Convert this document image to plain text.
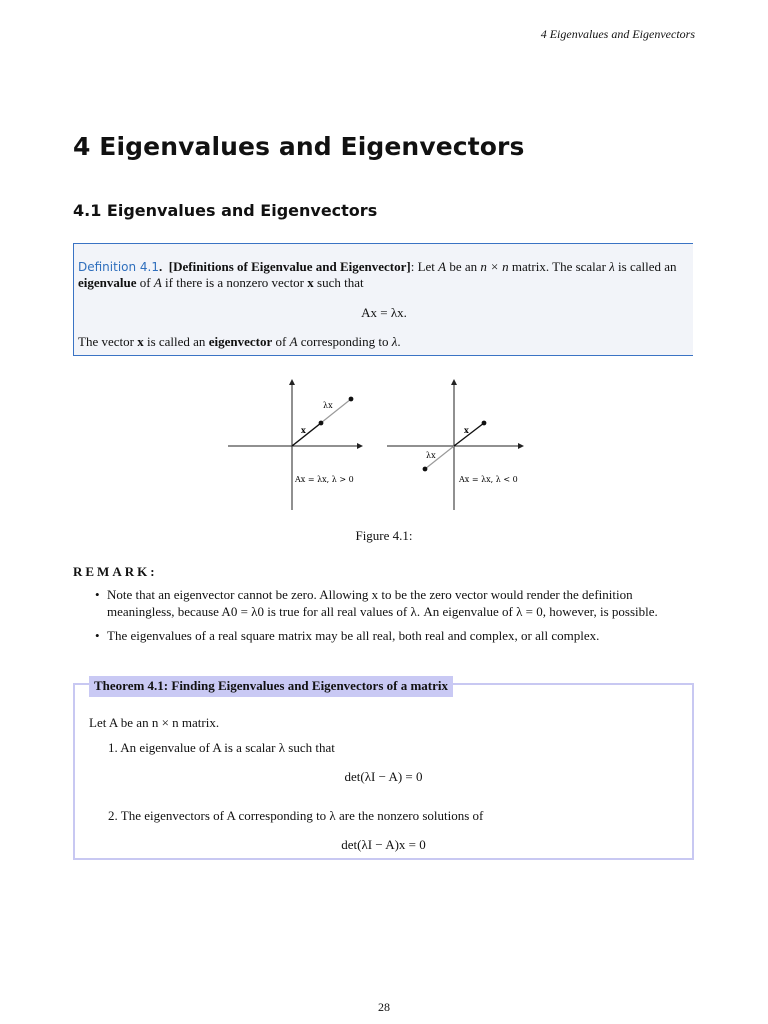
4 Eigenvalues and Eigenvectors
4 Eigenvalues and Eigenvectors
4.1 Eigenvalues and Eigenvectors
Definition 4.1. [Definitions of Eigenvalue and Eigenvector]: Let A be an n × n matrix. The scalar λ is called an eigenvalue of A if there is a nonzero vector x such that
Ax = λx.
The vector x is called an eigenvector of A corresponding to λ.
λx
x
Ax = λx, λ > 0
λx
x
Ax = λx, λ < 0
Figure 4.1:
REMARK:
• Note that an eigenvector cannot be zero. Allowing x to be the zero vector would render the definition meaningless, because A0 = λ0 is true for all real values of λ. An eigenvalue of λ = 0, however, is possible.
• The eigenvalues of a real square matrix may be all real, both real and complex, or all complex.
Theorem 4.1: Finding Eigenvalues and Eigenvectors of a matrix
Let A be an n × n matrix.
1. An eigenvalue of A is a scalar λ such that
det(λI − A) = 0
2. The eigenvectors of A corresponding to λ are the nonzero solutions of
det(λI − A)x = 0
28
